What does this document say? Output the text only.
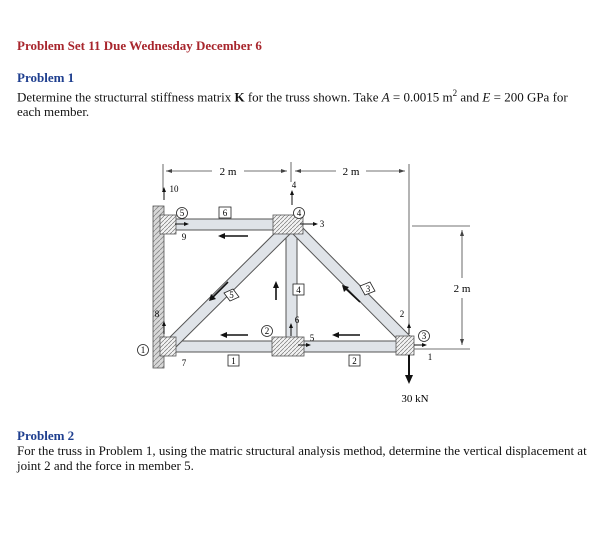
Problem Set 11 Due Wednesday December 6
Problem 1
Determine the structurral stiffness matrix K for the truss shown. Take A = 0.0015 $m^2$ and E = 200 GPa for each member.
2 m	2 m
2 m
30 kN
1
2	3
4
5
1	2
3
4
5
6
1
2
3
4
5
6
7
8
9
10
Problem 2
For the truss in Problem 1, using the matric structural analysis method, determine the vertical displacement at joint 2 and the force in member 5.
